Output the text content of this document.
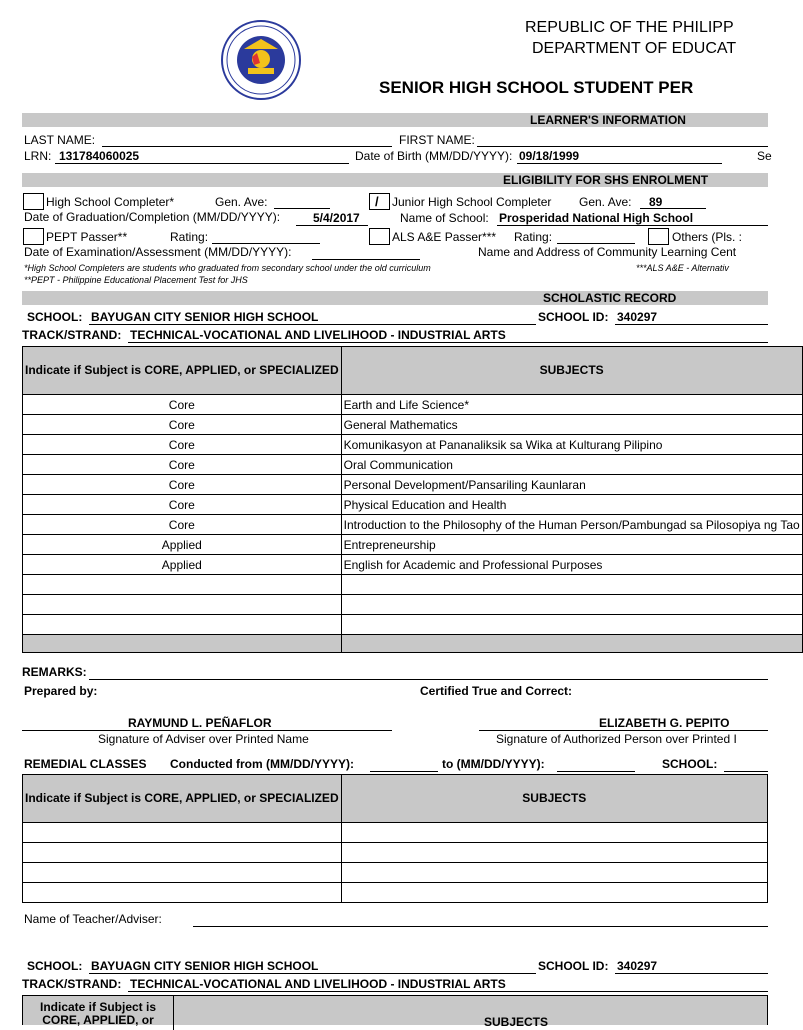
REPUBLIC OF THE PHILIPP
DEPARTMENT OF EDUCAT
SENIOR HIGH SCHOOL STUDENT PER
LEARNER'S INFORMATION
LAST NAME:	FIRST NAME:
LRN: 131784060025	Date of Birth (MM/DD/YYYY): 09/18/1999	Se
ELIGIBILITY FOR SHS ENROLMENT
High School Completer*	Gen. Ave:	/ Junior High School Completer Gen. Ave: 89
Date of Graduation/Completion (MM/DD/YYYY):	5/4/2017	Name of School: Prosperidad National High School
PEPT Passer**	Rating:	ALS A&E Passer*** Rating:	Others (Pls. :
Date of Examination/Assessment (MM/DD/YYYY):	Name and Address of Community Learning Cent
*High School Completers are students who graduated from secondary school under the old curriculum	***ALS A&E - Alternativ
**PEPT - Philippine Educational Placement Test for JHS
SCHOLASTIC RECORD
SCHOOL: BAYUGAN CITY SENIOR HIGH SCHOOL	SCHOOL ID: 340297
TRACK/STRAND: TECHNICAL-VOCATIONAL AND LIVELIHOOD - INDUSTRIAL ARTS
Indicate if Subject is CORE, APPLIED, or SPECIALIZED	SUBJECTS
Core	Earth and Life Science*
Core	General Mathematics
Core	Komunikasyon at Pananaliksik sa Wika at Kulturang Pilipino
Core	Oral Communication
Core	Personal Development/Pansariling Kaunlaran
Core	Physical Education and Health
Core	Introduction to the Philosophy of the Human Person/Pambungad sa Pilosopiya ng Tao
Applied	Entrepreneurship
Applied	English for Academic and Professional Purposes

REMARKS:
Prepared by:	Certified True and Correct:
RAYMUND L. PEÑAFLOR
Signature of Adviser over Printed Name
ELIZABETH G. PEPITO
Signature of Authorized Person over Printed I
REMEDIAL CLASSES Conducted from (MM/DD/YYYY):	to (MM/DD/YYYY):	SCHOOL:
Indicate if Subject is CORE, APPLIED, or SPECIALIZED	SUBJECTS

Name of Teacher/Adviser:
SCHOOL: BAYUAGN CITY SENIOR HIGH SCHOOL	SCHOOL ID: 340297
TRACK/STRAND: TECHNICAL-VOCATIONAL AND LIVELIHOOD - INDUSTRIAL ARTS
Indicate if Subject is
CORE, APPLIED, or	SUBJECTS
